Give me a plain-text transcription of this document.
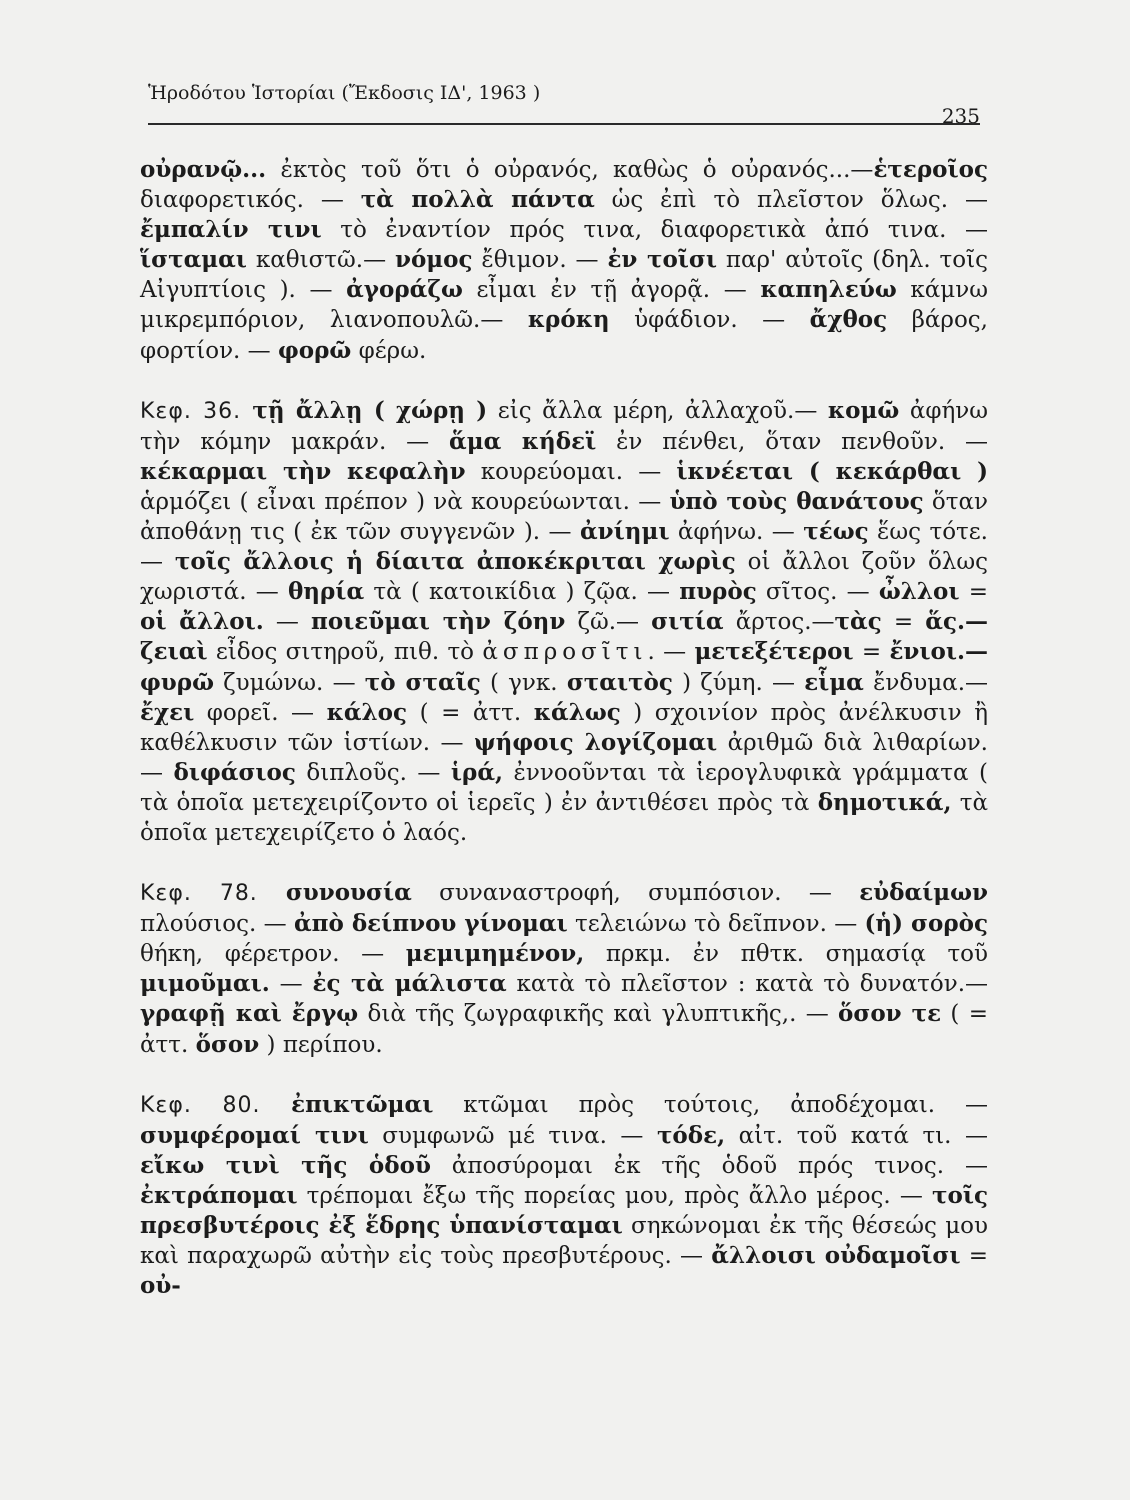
Ἡροδότου Ἱστορίαι (Ἔκδοσις ΙΔ', 1963 )
235

οὐρανῷ... ἐκτὸς τοῦ ὅτι ὁ οὐρανός, καθὼς ὁ οὐρανός...—ἑτεροῖος διαφορετικός. — τὰ πολλὰ πάντα ὡς ἐπὶ τὸ πλεῖστον ὅλως. — ἔμπαλίν τινι τὸ ἐναντίον πρός τινα, διαφορετικὰ ἀπό τινα. — ἵσταμαι καθιστῶ.— νόμος ἔθιμον. — ἐν τοῖσι παρ' αὐτοῖς (δηλ. τοῖς Αἰγυπτίοις ). — ἀγοράζω εἶμαι ἐν τῇ ἀγορᾷ. — καπηλεύω κάμνω μικρεμπόριον, λιανοπουλῶ.— κρόκη ὑφάδιον. — ἄχθος βάρος, φορτίον. — φορῶ φέρω.

Κεφ. 36. τῇ ἄλλῃ ( χώρῃ ) εἰς ἄλλα μέρη, ἀλλαχοῦ.— κομῶ ἀφήνω τὴν κόμην μακράν. — ἅμα κήδεϊ ἐν πένθει, ὅταν πενθοῦν. — κέκαρμαι τὴν κεφαλὴν κουρεύομαι. — ἱκνέεται ( κεκάρθαι ) ἁρμόζει ( εἶναι πρέπον ) νὰ κουρεύωνται. — ὑπὸ τοὺς θανάτους ὅταν ἀποθάνῃ τις ( ἐκ τῶν συγγενῶν ). — ἀνίημι ἀφήνω. — τέως ἕως τότε. — τοῖς ἄλλοις ἡ δίαιτα ἀποκέκριται χωρὶς οἱ ἄλλοι ζοῦν ὅλως χωριστά. — θηρία τὰ ( κατοικίδια ) ζῷα. — πυρὸς σῖτος. — ὦλλοι = οἱ ἄλλοι. — ποιεῦμαι τὴν ζόην ζῶ.— σιτία ἄρτος.—τὰς = ἅς.— ζειαὶ εἶδος σιτηροῦ, πιθ. τὸ ἀσπροσῖτι. — μετεξέτεροι = ἔνιοι.— φυρῶ ζυμώνω. — τὸ σταῖς ( γνκ. σταιτὸς ) ζύμη. — εἷμα ἔνδυμα.— ἔχει φορεῖ. — κάλος ( = ἀττ. κάλως ) σχοινίον πρὸς ἀνέλκυσιν ἢ καθέλκυσιν τῶν ἱστίων. — ψήφοις λογίζομαι ἀριθμῶ διὰ λιθαρίων. — διφάσιος διπλοῦς. — ἱρά, ἐννοοῦνται τὰ ἱερογλυφικὰ γράμματα ( τὰ ὁποῖα μετεχειρίζοντο οἱ ἱερεῖς ) ἐν ἀντιθέσει πρὸς τὰ δημοτικά, τὰ ὁποῖα μετεχειρίζετο ὁ λαός.

Κεφ. 78. συνουσία συναναστροφή, συμπόσιον. — εὐδαίμων πλούσιος. — ἀπὸ δείπνου γίνομαι τελειώνω τὸ δεῖπνον. — (ἡ) σορὸς θήκη, φέρετρον. — μεμιμημένον, πρκμ. ἐν πθτκ. σημασίᾳ τοῦ μιμοῦμαι. — ἐς τὰ μάλιστα κατὰ τὸ πλεῖστον : κατὰ τὸ δυνατόν.— γραφῇ καὶ ἔργῳ διὰ τῆς ζωγραφικῆς καὶ γλυπτικῆς,. — ὅσον τε ( = ἀττ. ὅσον ) περίπου.

Κεφ. 80. ἐπικτῶμαι κτῶμαι πρὸς τούτοις, ἀποδέχομαι. — συμφέρομαί τινι συμφωνῶ μέ τινα. — τόδε, αἰτ. τοῦ κατά τι. — εἴκω τινὶ τῆς ὁδοῦ ἀποσύρομαι ἐκ τῆς ὁδοῦ πρός τινος. — ἐκτράπομαι τρέπομαι ἔξω τῆς πορείας μου, πρὸς ἄλλο μέρος. — τοῖς πρεσβυτέροις ἐξ ἕδρης ὑπανίσταμαι σηκώνομαι ἐκ τῆς θέσεώς μου καὶ παραχωρῶ αὐτὴν εἰς τοὺς πρεσβυτέρους. — ἄλλοισι οὐδαμοῖσι = οὐ-
